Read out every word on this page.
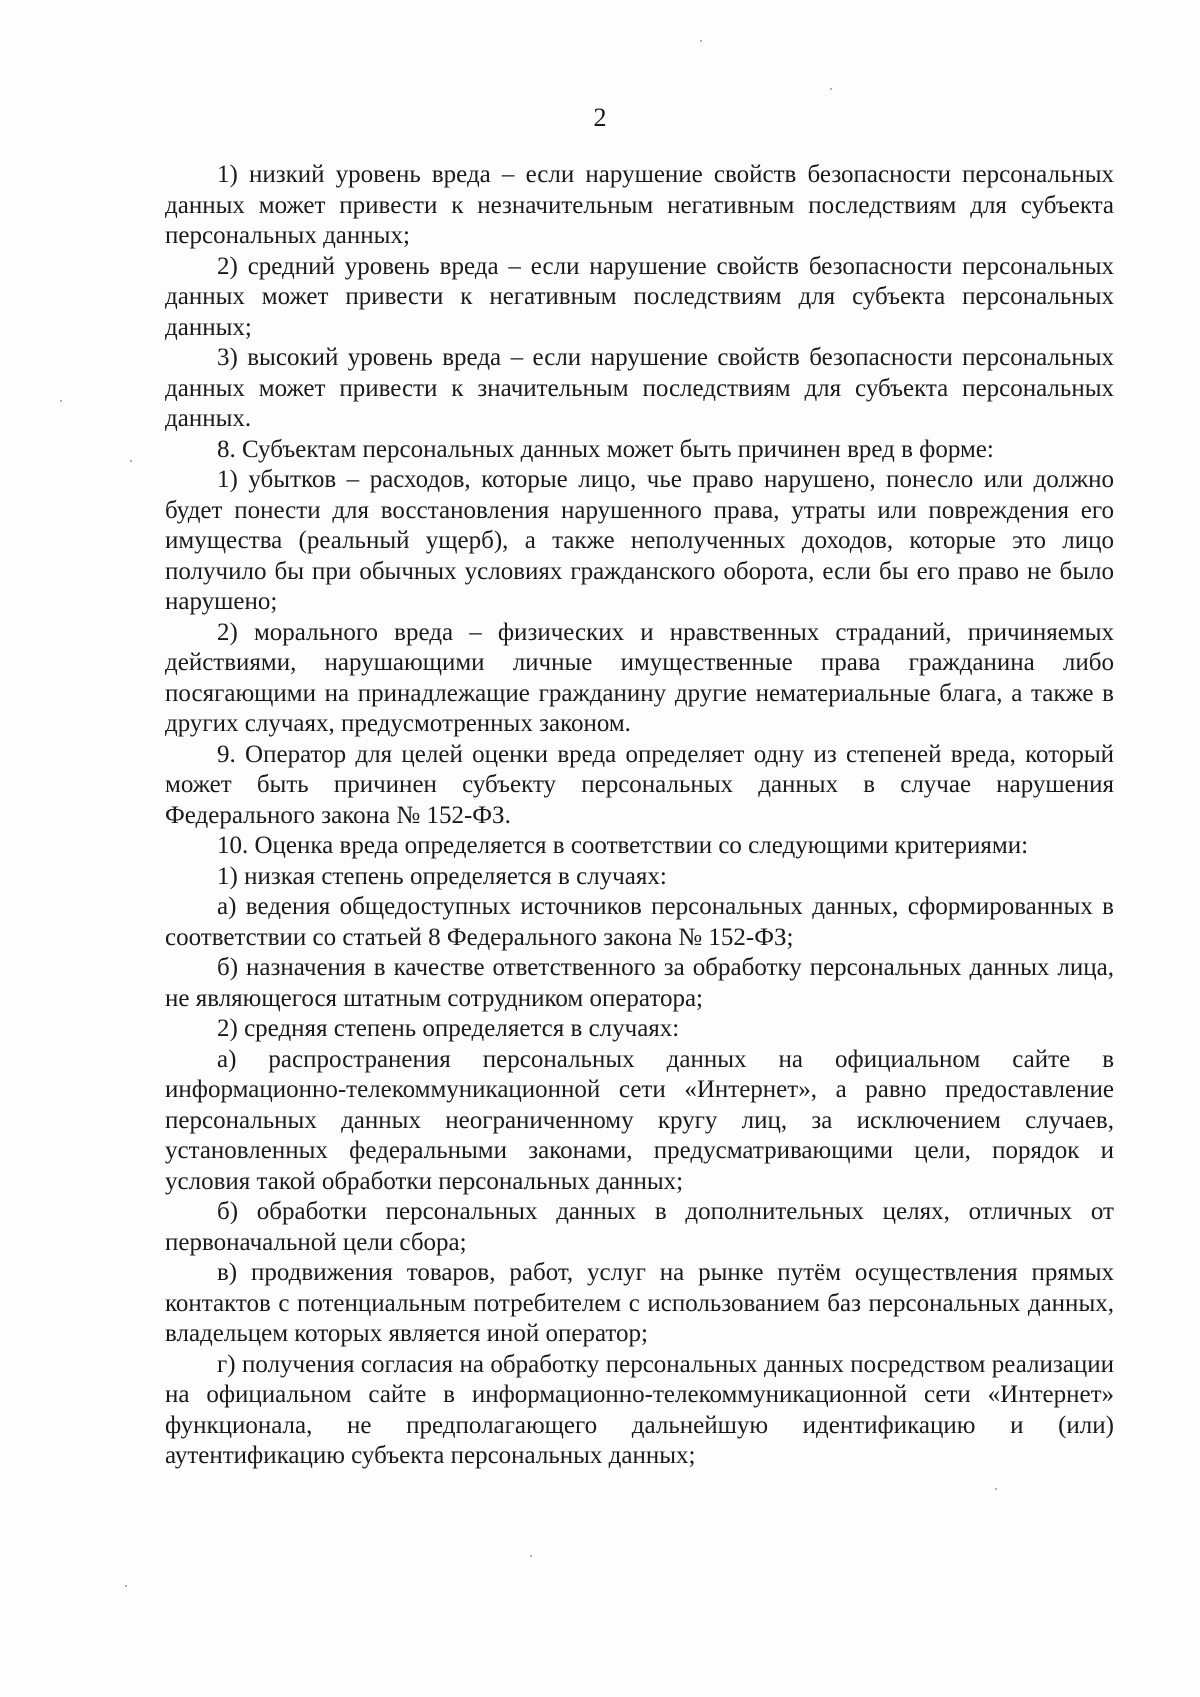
2

1) низкий уровень вреда – если нарушение свойств безопасности персональных данных может привести к незначительным негативным последствиям для субъекта персональных данных;

2) средний уровень вреда – если нарушение свойств безопасности персональных данных может привести к негативным последствиям для субъекта персональных данных;

3) высокий уровень вреда – если нарушение свойств безопасности персональных данных может привести к значительным последствиям для субъекта персональных данных.

8. Субъектам персональных данных может быть причинен вред в форме:

1) убытков – расходов, которые лицо, чье право нарушено, понесло или должно будет понести для восстановления нарушенного права, утраты или повреждения его имущества (реальный ущерб), а также неполученных доходов, которые это лицо получило бы при обычных условиях гражданского оборота, если бы его право не было нарушено;

2) морального вреда – физических и нравственных страданий, причиняемых действиями, нарушающими личные имущественные права гражданина либо посягающими на принадлежащие гражданину другие нематериальные блага, а также в других случаях, предусмотренных законом.

9. Оператор для целей оценки вреда определяет одну из степеней вреда, который может быть причинен субъекту персональных данных в случае нарушения Федерального закона № 152-ФЗ.

10. Оценка вреда определяется в соответствии со следующими критериями:

1) низкая степень определяется в случаях:

а) ведения общедоступных источников персональных данных, сформированных в соответствии со статьей 8 Федерального закона № 152-ФЗ;

б) назначения в качестве ответственного за обработку персональных данных лица, не являющегося штатным сотрудником оператора;

2) средняя степень определяется в случаях:

а) распространения персональных данных на официальном сайте в информационно-телекоммуникационной сети «Интернет», а равно предоставление персональных данных неограниченному кругу лиц, за исключением случаев, установленных федеральными законами, предусматривающими цели, порядок и условия такой обработки персональных данных;

б) обработки персональных данных в дополнительных целях, отличных от первоначальной цели сбора;

в) продвижения товаров, работ, услуг на рынке путём осуществления прямых контактов с потенциальным потребителем с использованием баз персональных данных, владельцем которых является иной оператор;

г) получения согласия на обработку персональных данных посредством реализации на официальном сайте в информационно-телекоммуникационной сети «Интернет» функционала, не предполагающего дальнейшую идентификацию и (или) аутентификацию субъекта персональных данных;
